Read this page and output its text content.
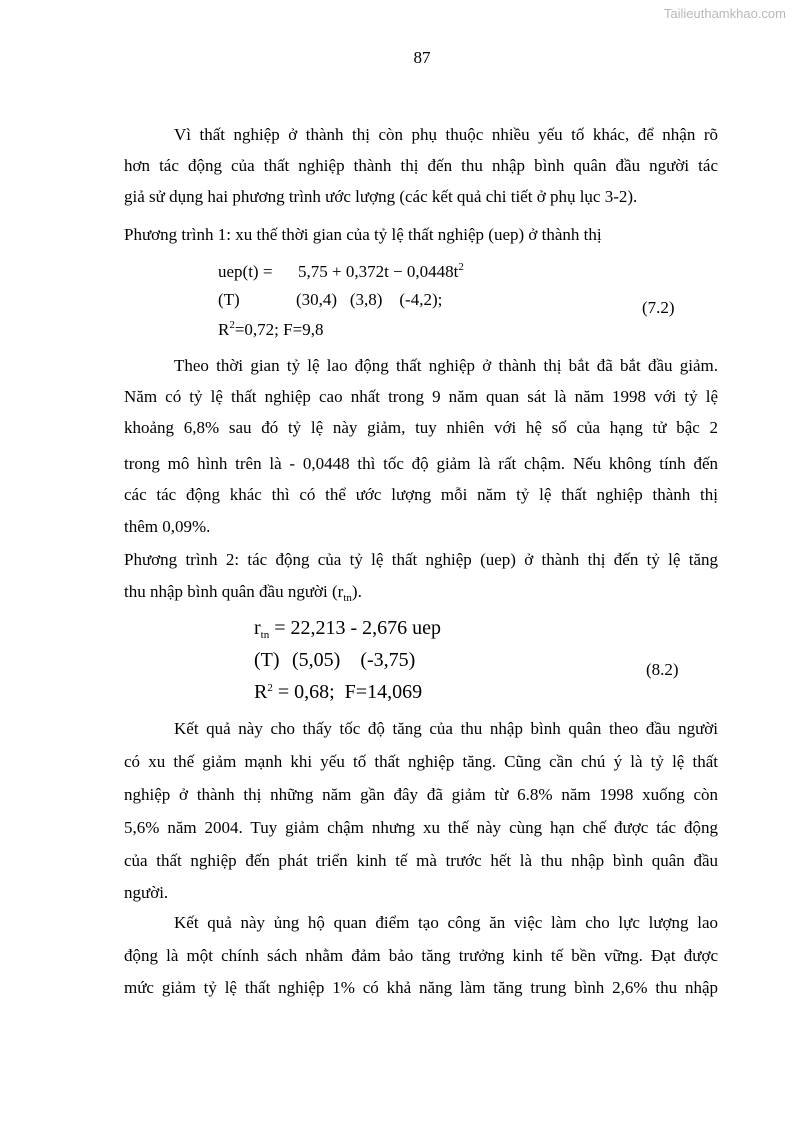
Tailieuthamkhao.com
87
Vì thất nghiệp ở thành thị còn phụ thuộc nhiều yếu tố khác, để nhận rõ
hơn tác động của thất nghiệp thành thị đến thu nhập bình quân đầu người tác
giả sử dụng hai phương trình ước lượng (các kết quả chi tiết ở phụ lục 3-2).
Phương trình 1: xu thế thời gian của tỷ lệ thất nghiệp (uep) ở thành thị
$uep(t) = 5,75 + 0,372t - 0,0448t^2$
(T)	(30,4)   (3,8)    (-4,2);
$R^2=0,72$; F=9,8
(7.2)
Theo thời gian tỷ lệ lao động thất nghiệp ở thành thị bắt đã bắt đầu giảm.
Năm có tỷ lệ thất nghiệp cao nhất trong 9 năm quan sát là năm 1998 với tỷ lệ
khoảng 6,8% sau đó tỷ lệ này giảm, tuy nhiên với hệ số của hạng tử bậc 2
trong mô hình trên là - 0,0448 thì tốc độ giảm là rất chậm. Nếu không tính đến
các tác động khác thì có thể ước lượng mỗi năm tỷ lệ thất nghiệp thành thị
thêm 0,09%.
Phương trình 2: tác động của tỷ lệ thất nghiệp (uep) ở thành thị đến tỷ lệ tăng
thu nhập bình quân đầu người $(r_{tn})$.
$r_{tn} = 22,213 - 2,676$ uep
(T) (5,05)    (-3,75)
$R^2 = 0,68$;  F=14,069
(8.2)
Kết quả này cho thấy tốc độ tăng của thu nhập bình quân theo đầu người
có xu thế giảm mạnh khi yếu tố thất nghiệp tăng. Cũng cần chú ý là tỷ lệ thất
nghiệp ở thành thị những năm gần đây đã giảm từ 6.8% năm 1998 xuống còn
5,6% năm 2004. Tuy giảm chậm nhưng xu thế này cùng hạn chế được tác động
của thất nghiệp đến phát triển kinh tế mà trước hết là thu nhập bình quân đầu
người.
Kết quả này ủng hộ quan điểm tạo công ăn việc làm cho lực lượng lao
động là một chính sách nhằm đảm bảo tăng trưởng kinh tế bền vững. Đạt được
mức giảm tỷ lệ thất nghiệp 1% có khả năng làm tăng trung bình 2,6% thu nhập
